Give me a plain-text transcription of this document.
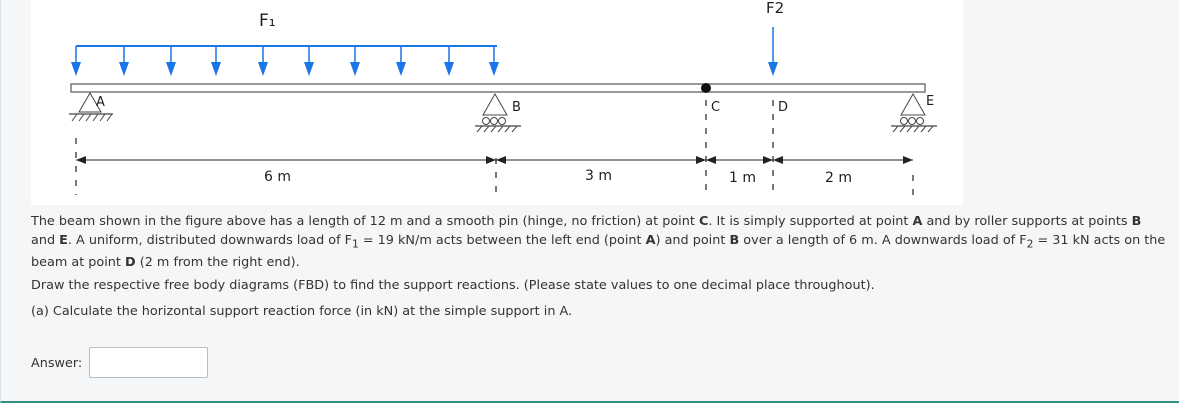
F₁
F2
A	B	C	D	E
6 m	3 m	1 m	2 m
The beam shown in the figure above has a length of 12 m and a smooth pin (hinge, no friction) at point C. It is simply supported at point A and by roller supports at points B and E. A uniform, distributed downwards load of $F_1 = 19$ kN/m acts between the left end (point A) and point B over a length of 6 m. A downwards load of $F_2 = 31$ kN acts on the beam at point D (2 m from the right end).
Draw the respective free body diagrams (FBD) to find the support reactions. (Please state values to one decimal place throughout).
(a) Calculate the horizontal support reaction force (in kN) at the simple support in A.
Answer:
